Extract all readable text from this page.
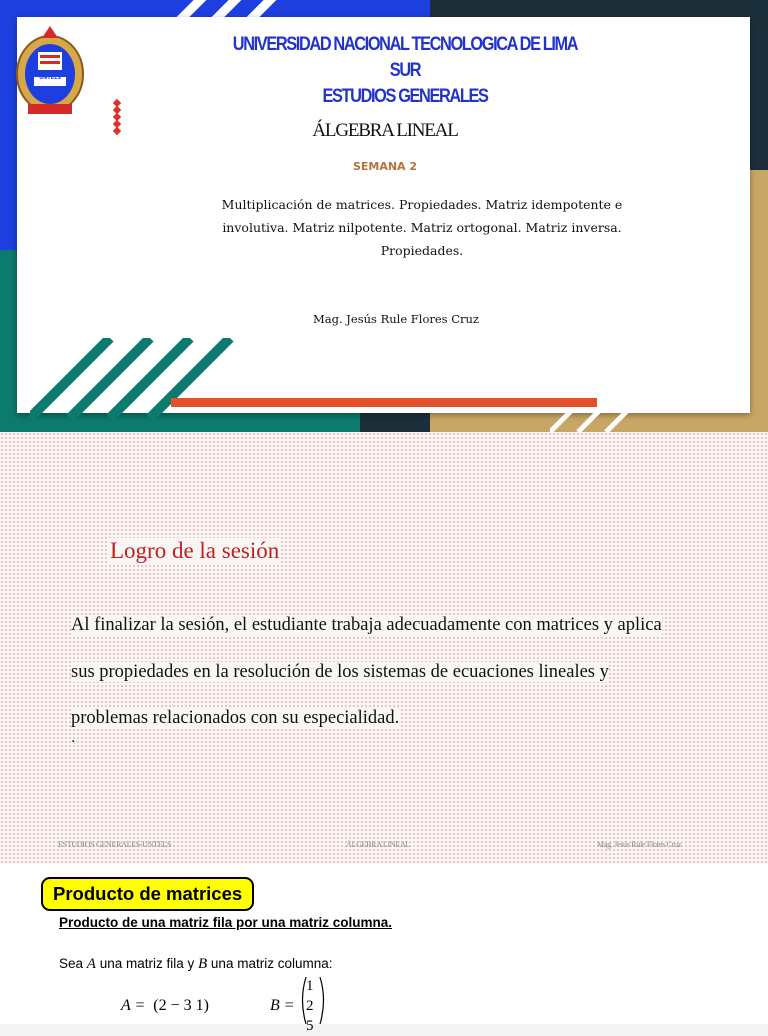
UNTELS
UNIVERSIDAD NACIONAL TECNOLOGICA DE LIMA SUR
ESTUDIOS GENERALES
ÁLGEBRA LINEAL
SEMANA 2
Multiplicación de matrices. Propiedades. Matriz idempotente e
involutiva. Matriz nilpotente. Matriz ortogonal. Matriz inversa.
Propiedades.
Mag. Jesús Rule Flores Cruz
Logro de la sesión
Al finalizar la sesión, el estudiante trabaja adecuadamente con matrices y aplica
sus propiedades en la resolución de los sistemas de ecuaciones lineales y
problemas relacionados con su especialidad.
.
ESTUDIOS GENERALES-UNTELS	ÁLGEBRA LINEAL	Mag. Jesús Rule Flores Cruz
Producto de matrices
Producto de una matriz fila por una matriz columna.
Sea A una matriz fila y B una matriz columna:
A = (2 − 3 1)	B =
1
2
5
